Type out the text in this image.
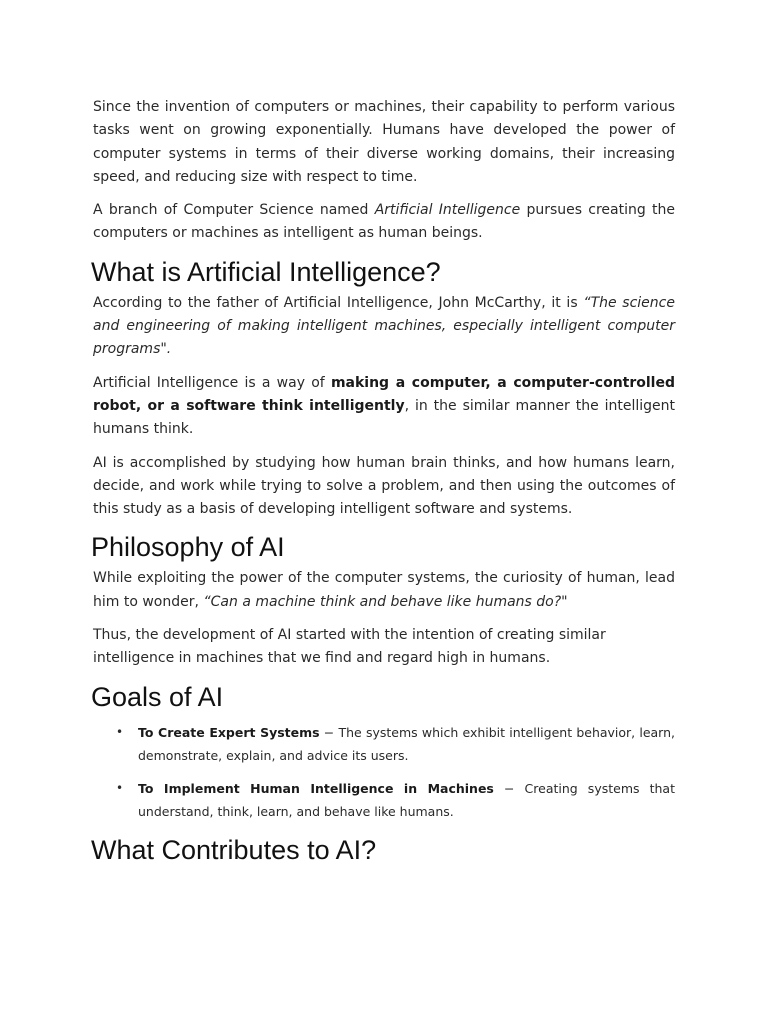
Since the invention of computers or machines, their capability to perform various tasks went on growing exponentially. Humans have developed the power of computer systems in terms of their diverse working domains, their increasing speed, and reducing size with respect to time.

A branch of Computer Science named Artificial Intelligence pursues creating the computers or machines as intelligent as human beings.

What is Artificial Intelligence?

According to the father of Artificial Intelligence, John McCarthy, it is “The science and engineering of making intelligent machines, especially intelligent computer programs".

Artificial Intelligence is a way of making a computer, a computer-controlled robot, or a software think intelligently, in the similar manner the intelligent humans think.

AI is accomplished by studying how human brain thinks, and how humans learn, decide, and work while trying to solve a problem, and then using the outcomes of this study as a basis of developing intelligent software and systems.

Philosophy of AI

While exploiting the power of the computer systems, the curiosity of human, lead him to wonder, “Can a machine think and behave like humans do?"

Thus, the development of AI started with the intention of creating similar intelligence in machines that we find and regard high in humans.

Goals of AI
• To Create Expert Systems − The systems which exhibit intelligent behavior, learn, demonstrate, explain, and advice its users.
• To Implement Human Intelligence in Machines − Creating systems that understand, think, learn, and behave like humans.
What Contributes to AI?
